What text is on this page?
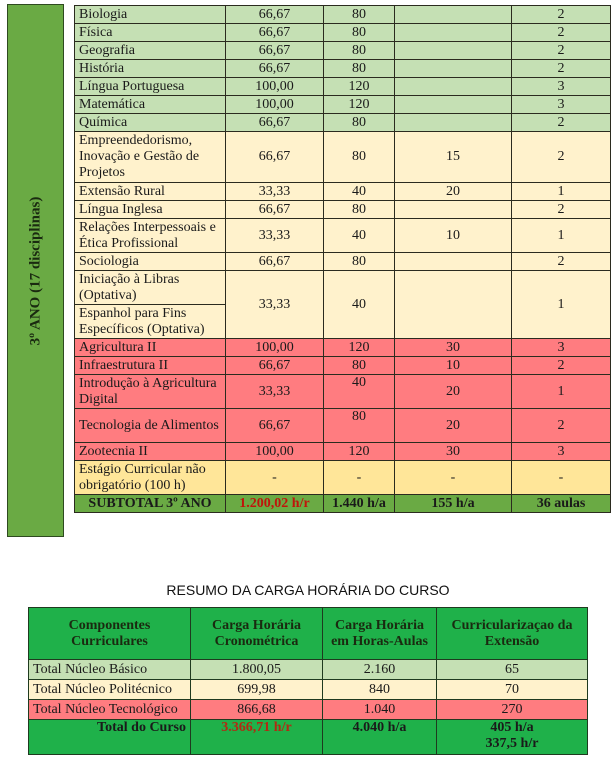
3º ANO (17 disciplinas)
Biologia	66,67	80		2
Física	66,67	80		2
Geografia	66,67	80		2
História	66,67	80		2
Língua Portuguesa	100,00	120		3
Matemática	100,00	120		3
Química	66,67	80		2
Empreendedorismo, Inovação e Gestão de Projetos	66,67	80	15	2
Extensão Rural	33,33	40	20	1
Língua Inglesa	66,67	80		2
Relações Interpessoais e Ética Profissional	33,33	40	10	1
Sociologia	66,67	80		2
Iniciação à Libras (Optativa)	33,33	40		1
Espanhol para Fins Específicos (Optativa)				
Agricultura II	100,00	120	30	3
Infraestrutura II	66,67	80	10	2
Introdução à Agricultura Digital	33,33	40	20	1
Tecnologia de Alimentos	66,67	80	20	2
Zootecnia II	100,00	120	30	3
Estágio Curricular não obrigatório (100 h)	-	-	-	-
SUBTOTAL 3º ANO	1.200,02 h/r	1.440 h/a	155 h/a	36 aulas
RESUMO DA CARGA HORÁRIA DO CURSO
Componentes Curriculares	Carga Horária Cronométrica	Carga Horária em Horas-Aulas	Curricularizaçao da Extensão
Total Núcleo Básico	1.800,05	2.160	65
Total Núcleo Politécnico	699,98	840	70
Total Núcleo Tecnológico	866,68	1.040	270
Total do Curso	3.366,71 h/r	4.040 h/a	405 h/a
337,5 h/r
